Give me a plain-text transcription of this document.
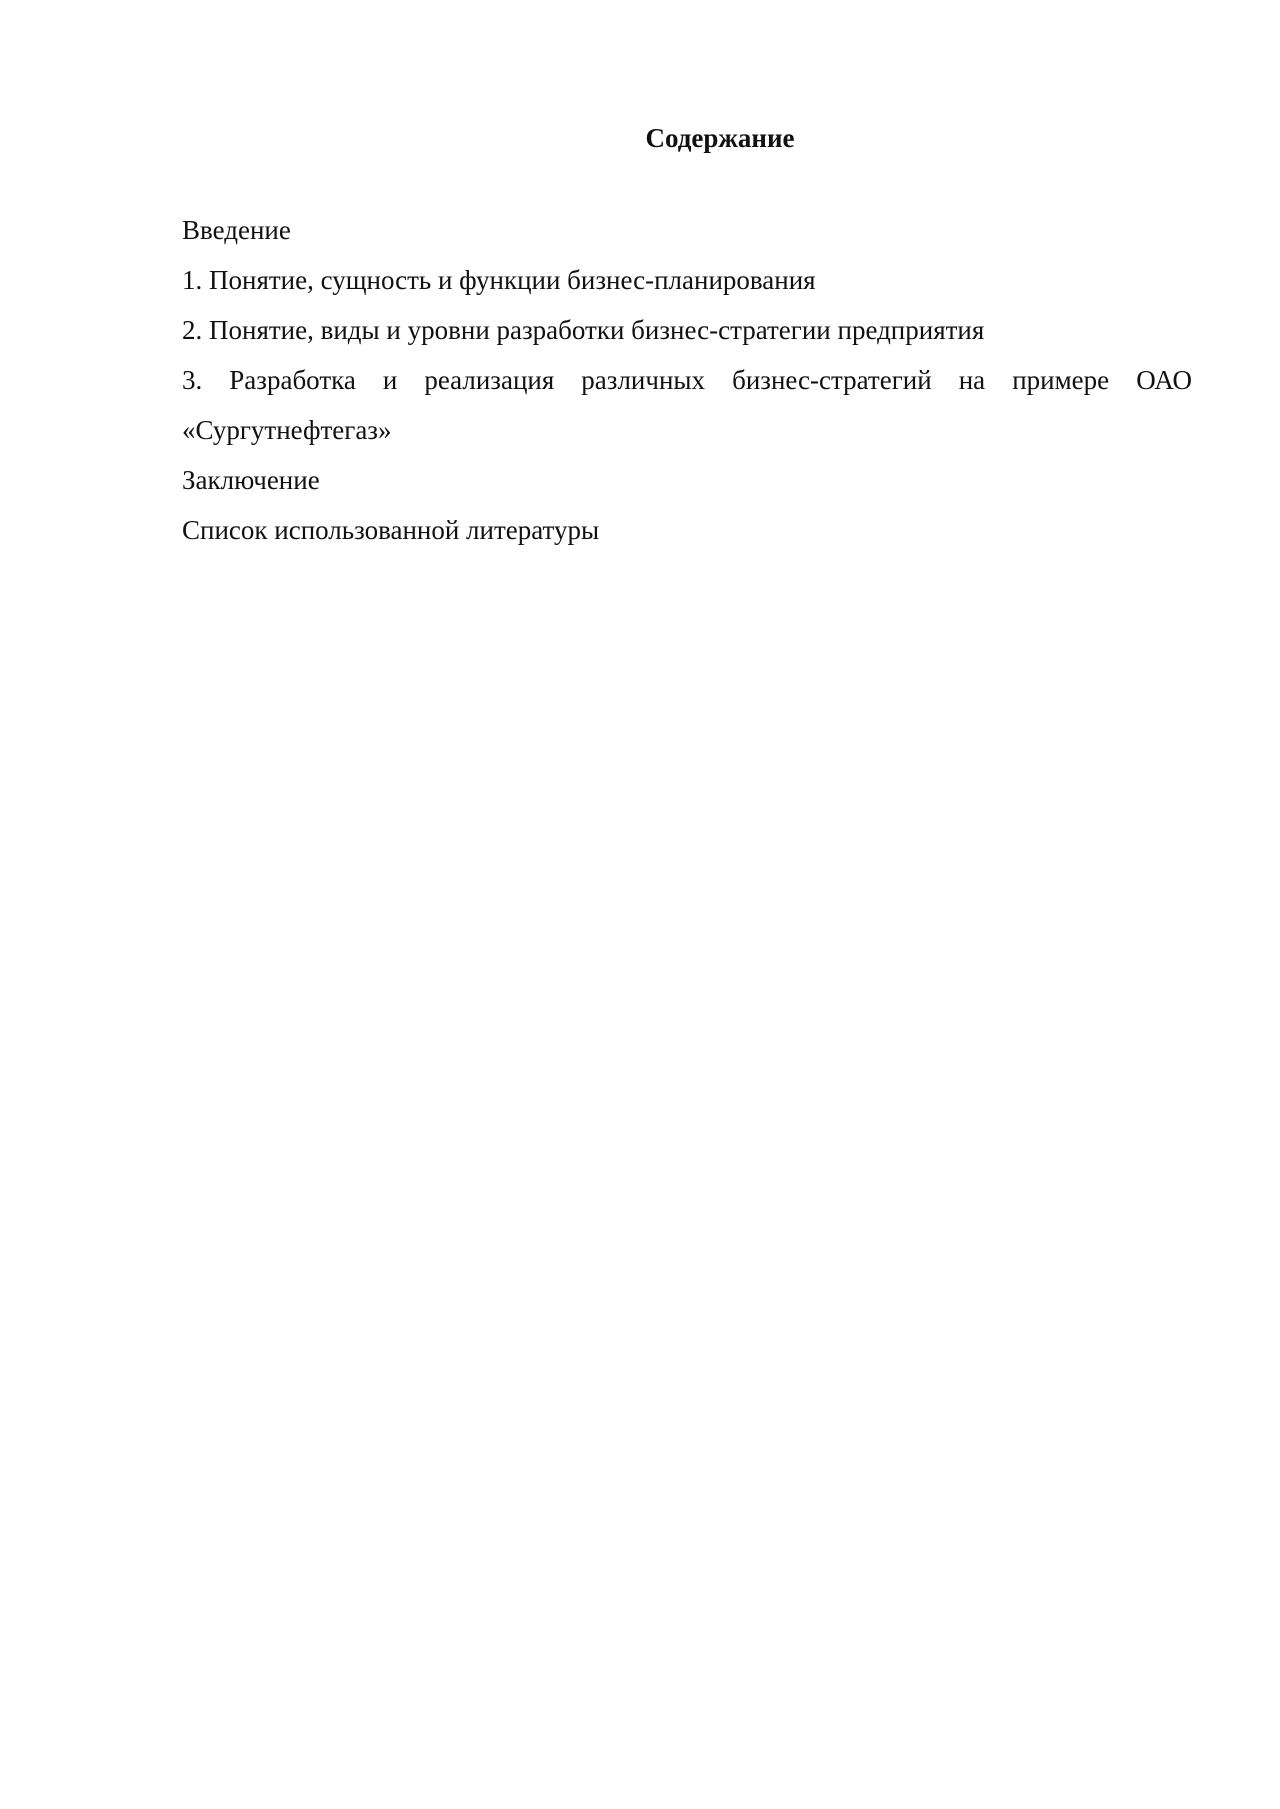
Содержание
Введение
1. Понятие, сущность и функции бизнес-планирования
2. Понятие, виды и уровни разработки бизнес-стратегии предприятия
3. Разработка и реализация различных бизнес-стратегий на примере ОАО «Сургутнефтегаз»
Заключение
Список использованной литературы
